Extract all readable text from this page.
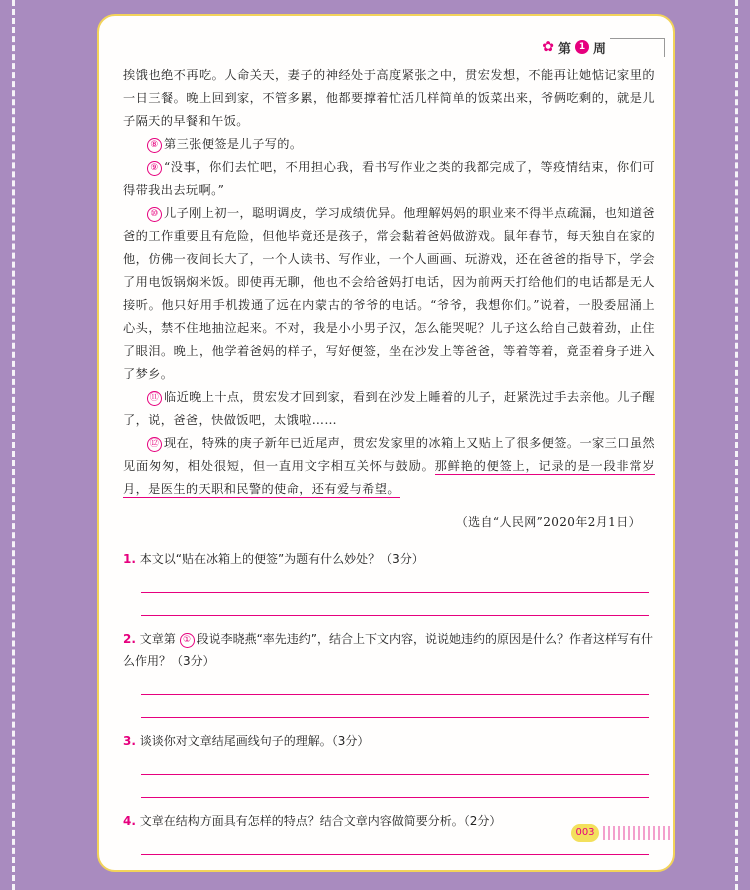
✿ 第 1 周

挨饿也绝不再吃。人命关天，妻子的神经处于高度紧张之中，贯宏发想，不能再让她惦记家里的一日三餐。晚上回到家，不管多累，他都要撑着忙活几样简单的饭菜出来，爷俩吃剩的，就是儿子隔天的早餐和午饭。

⑧ 第三张便签是儿子写的。

⑨ “没事，你们去忙吧，不用担心我，看书写作业之类的我都完成了，等疫情结束，你们可得带我出去玩啊。”

⑩ 儿子刚上初一，聪明调皮，学习成绩优异。他理解妈妈的职业来不得半点疏漏，也知道爸爸的工作重要且有危险，但他毕竟还是孩子，常会黏着爸妈做游戏。鼠年春节，每天独自在家的他，仿佛一夜间长大了，一个人读书、写作业，一个人画画、玩游戏，还在爸爸的指导下，学会了用电饭锅焖米饭。即使再无聊，他也不会给爸妈打电话，因为前两天打给他们的电话都是无人接听。他只好用手机拨通了远在内蒙古的爷爷的电话。“爷爷，我想你们。”说着，一股委屈涌上心头，禁不住地抽泣起来。不对，我是小小男子汉，怎么能哭呢？儿子这么给自己鼓着劲，止住了眼泪。晚上，他学着爸妈的样子，写好便签，坐在沙发上等爸爸，等着等着，竟歪着身子进入了梦乡。

⑪ 临近晚上十点，贯宏发才回到家，看到在沙发上睡着的儿子，赶紧洗过手去亲他。儿子醒了，说，爸爸，快做饭吧，太饿啦……

⑫ 现在，特殊的庚子新年已近尾声，贯宏发家里的冰箱上又贴上了很多便签。一家三口虽然见面匆匆，相处很短，但一直用文字相互关怀与鼓励。那鲜艳的便签上，记录的是一段非常岁月，是医生的天职和民警的使命，还有爱与希望。

（选自“人民网”2020年2月1日）

1. 本文以“贴在冰箱上的便签”为题有什么妙处？（3分）

2. 文章第 ① 段说李晓燕“率先违约”，结合上下文内容，说说她违约的原因是什么？作者这样写有什么作用？（3分）

3. 谈谈你对文章结尾画线句子的理解。（3分）

4. 文章在结构方面具有怎样的特点？结合文章内容做简要分析。（2分）

003
